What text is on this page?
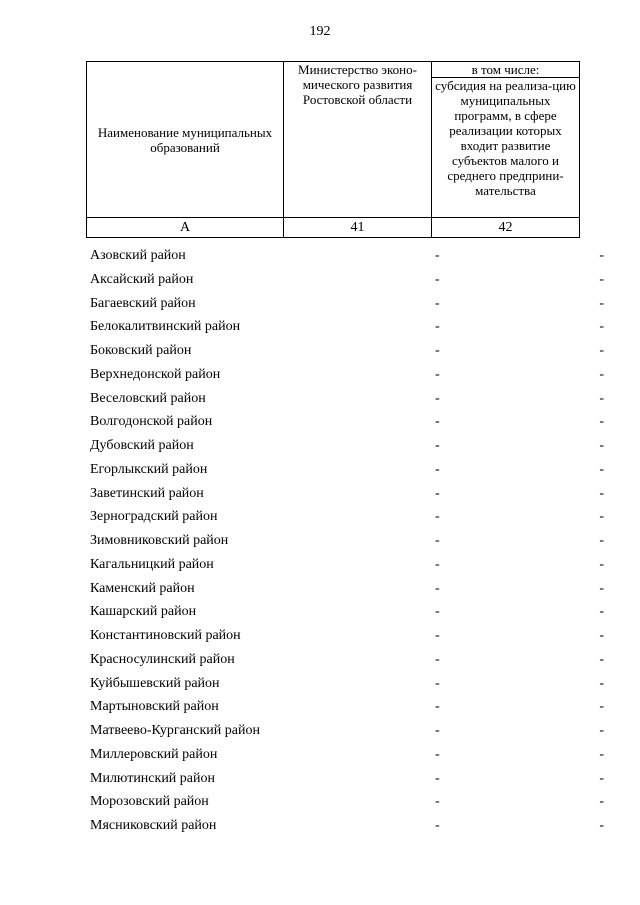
192
Наименование муниципальных образований	Министерство эконо-мического развития Ростовской области	в том числе:
		субсидия на реализа-цию муниципальных программ, в сфере реализации которых входит развитие субъектов малого и среднего предприни-мательства
А	41	42
Азовский район	-	-
Аксайский район	-	-
Багаевский район	-	-
Белокалитвинский район	-	-
Боковский район	-	-
Верхнедонской район	-	-
Веселовский район	-	-
Волгодонской район	-	-
Дубовский район	-	-
Егорлыкский район	-	-
Заветинский район	-	-
Зерноградский район	-	-
Зимовниковский район	-	-
Кагальницкий район	-	-
Каменский район	-	-
Кашарский район	-	-
Константиновский район	-	-
Красносулинский район	-	-
Куйбышевский район	-	-
Мартыновский район	-	-
Матвеево-Курганский район	-	-
Миллеровский район	-	-
Милютинский район	-	-
Морозовский район	-	-
Мясниковский район	-	-
